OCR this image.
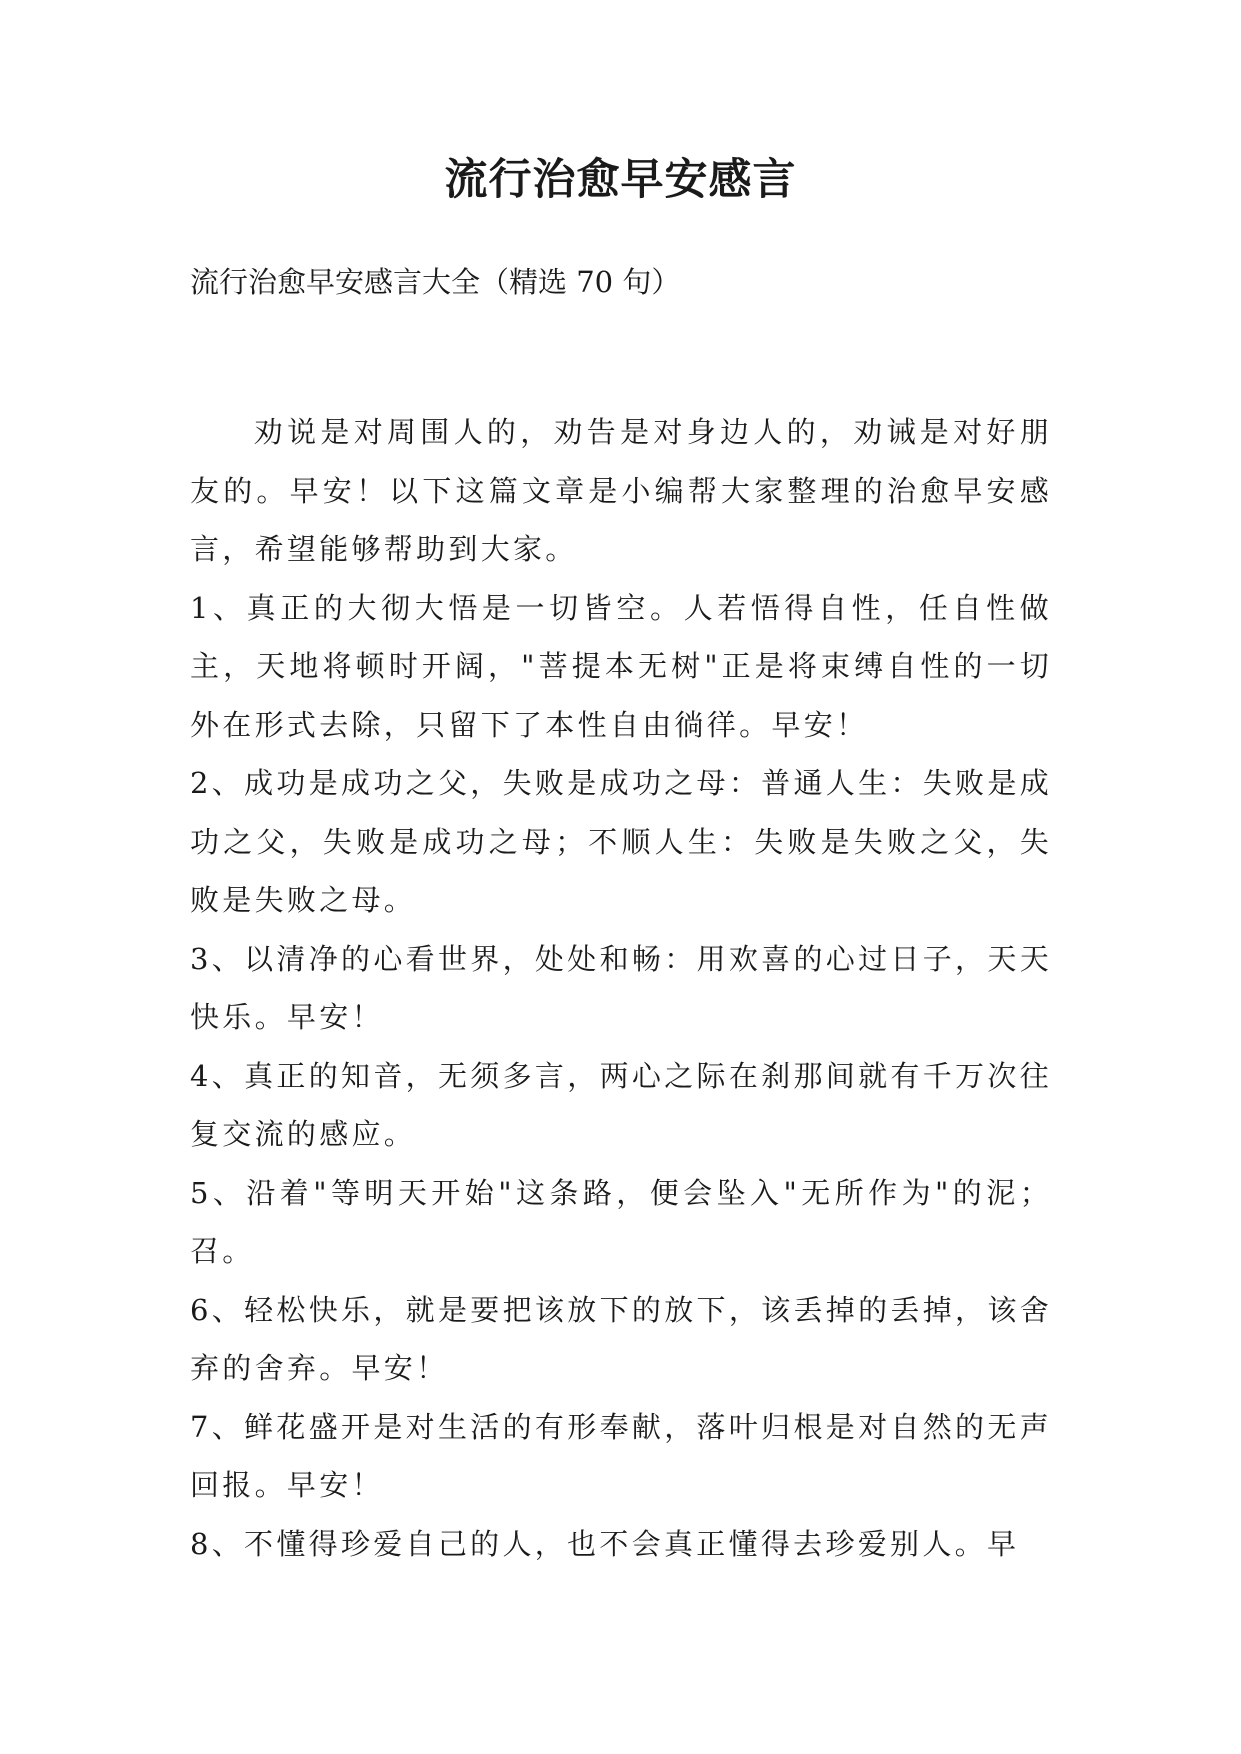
流行治愈早安感言

流行治愈早安感言大全（精选 70 句）

劝说是对周围人的，劝告是对身边人的，劝诫是对好朋友的。早安！以下这篇文章是小编帮大家整理的治愈早安感言，希望能够帮助到大家。

1、真正的大彻大悟是一切皆空。人若悟得自性，任自性做主，天地将顿时开阔，"菩提本无树"正是将束缚自性的一切外在形式去除，只留下了本性自由徜徉。早安！

2、成功是成功之父，失败是成功之母：普通人生：失败是成功之父，失败是成功之母；不顺人生：失败是失败之父，失败是失败之母。

3、以清净的心看世界，处处和畅：用欢喜的心过日子，天天快乐。早安！

4、真正的知音，无须多言，两心之际在刹那间就有千万次往复交流的感应。

5、沿着"等明天开始"这条路，便会坠入"无所作为"的泥；召。

6、轻松快乐，就是要把该放下的放下，该丢掉的丢掉，该舍弃的舍弃。早安！

7、鲜花盛开是对生活的有形奉献，落叶归根是对自然的无声回报。早安！

8、不懂得珍爱自己的人，也不会真正懂得去珍爱别人。早
